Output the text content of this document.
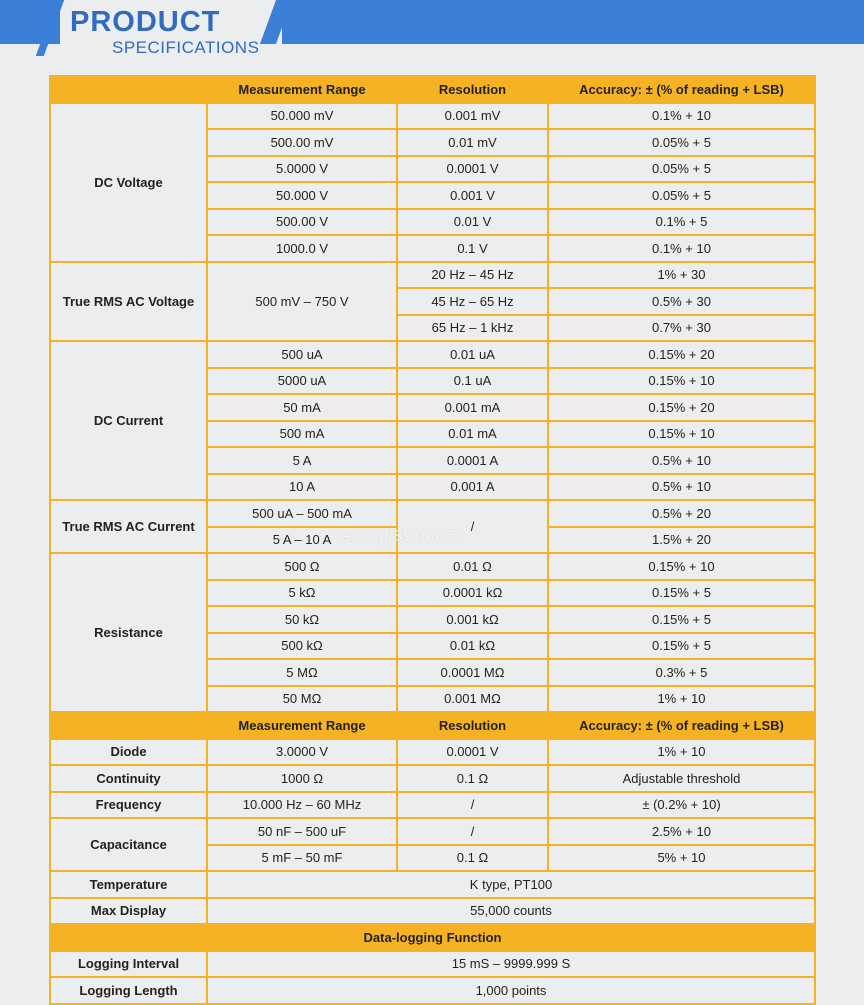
PRODUCT
SPECIFICATIONS
	Measurement Range	Resolution	Accuracy: ± (% of reading + LSB)
DC Voltage	50.000 mV	0.001 mV	0.1% + 10
	500.00 mV	0.01 mV	0.05% + 5
	5.0000 V	0.0001 V	0.05% + 5
	50.000 V	0.001 V	0.05% + 5
	500.00 V	0.01 V	0.1% + 5
	1000.0 V	0.1 V	0.1% + 10
True RMS AC Voltage	500 mV – 750 V	20 Hz – 45 Hz	1% + 30
		45 Hz – 65 Hz	0.5% + 30
		65 Hz – 1 kHz	0.7% + 30
DC Current	500 uA	0.01 uA	0.15% + 20
	5000 uA	0.1 uA	0.15% + 10
	50 mA	0.001 mA	0.15% + 20
	500 mA	0.01 mA	0.15% + 10
	5 A	0.0001 A	0.5% + 10
	10 A	0.001 A	0.5% + 10
True RMS AC Current	500 uA – 500 mA	/	0.5% + 20
	5 A – 10 A		1.5% + 20
Resistance	500 Ω	0.01 Ω	0.15% + 10
	5 kΩ	0.0001 kΩ	0.15% + 5
	50 kΩ	0.001 kΩ	0.15% + 5
	500 kΩ	0.01 kΩ	0.15% + 5
	5 MΩ	0.0001 MΩ	0.3% + 5
	50 MΩ	0.001 MΩ	1% + 10
	Measurement Range	Resolution	Accuracy: ± (% of reading + LSB)
Diode	3.0000 V	0.0001 V	1% + 10
Continuity	1000 Ω	0.1 Ω	Adjustable threshold
Frequency	10.000 Hz – 60 MHz	/	± (0.2% + 10)
Capacitance	50 nF – 500 uF	/	2.5% + 10
	5 mF – 50 mF	0.1 Ω	5% + 10
Temperature	K type, PT100		
Max Display	55,000 counts		
Data-logging Function			
Logging Interval	15 mS – 9999.999 S		
Logging Length	1,000 points		
alo.bg/8910445
